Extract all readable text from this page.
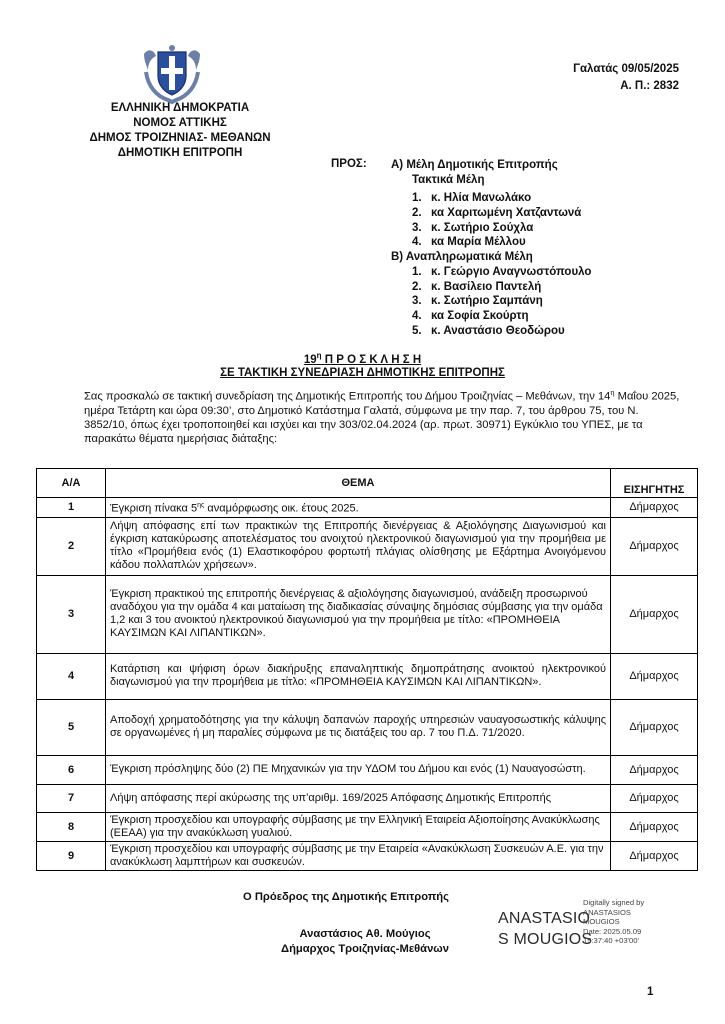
Γαλατάς 09/05/2025
Α. Π.: 2832
ΕΛΛΗΝΙΚΗ ΔΗΜΟΚΡΑΤΙΑ
ΝΟΜΟΣ ΑΤΤΙΚΗΣ
ΔΗΜΟΣ ΤΡΟΙΖΗΝΙΑΣ- ΜΕΘΑΝΩΝ
ΔΗΜΟΤΙΚΗ ΕΠΙΤΡΟΠΗ
ΠΡΟΣ: Α) Μέλη Δημοτικής Επιτροπής
Τακτικά Μέλη
1. κ. Ηλία Μανωλάκο
2. κα Χαριτωμένη Χατζαντωνά
3. κ. Σωτήριο Σούχλα
4. κα Μαρία Μέλλου
Β) Αναπληρωματικά Μέλη
1. κ. Γεώργιο Αναγνωστόπουλο
2. κ. Βασίλειο Παντελή
3. κ. Σωτήριο Σαμπάνη
4. κα Σοφία Σκούρτη
5. κ. Αναστάσιο Θεοδώρου
$19^\eta$ Π Ρ Ο Σ Κ Λ Η Σ Η
ΣΕ ΤΑΚΤΙΚΗ ΣΥΝΕΔΡΙΑΣΗ ΔΗΜΟΤΙΚΗΣ ΕΠΙΤΡΟΠΗΣ
Σας προσκαλώ σε τακτική συνεδρίαση της Δημοτικής Επιτροπής του Δήμου Τροιζηνίας – Μεθάνων, την $14^\eta$ Μαΐου 2025, ημέρα Τετάρτη και ώρα 09:30’, στο Δημοτικό Κατάστημα Γαλατά, σύμφωνα με την παρ. 7, του άρθρου 75, του Ν. 3852/10, όπως έχει τροποποιηθεί και ισχύει και την 303/02.04.2024 (αρ. πρωτ. 30971) Εγκύκλιο του ΥΠΕΣ, με τα παρακάτω θέματα ημερήσιας διάταξης:
Α/Α	ΘΕΜΑ	ΕΙΣΗΓΗΤΗΣ
1	Έγκριση πίνακα $5^{\eta\varsigma}$ αναμόρφωσης οικ. έτους 2025.	Δήμαρχος
2	Λήψη απόφασης επί των πρακτικών της Επιτροπής διενέργειας & Αξιολόγησης Διαγωνισμού και έγκριση κατακύρωσης αποτελέσματος του ανοιχτού ηλεκτρονικού διαγωνισμού για την προμήθεια με τίτλο «Προμήθεια ενός (1) Ελαστικοφόρου φορτωτή πλάγιας ολίσθησης με Εξάρτημα Ανοιγόμενου κάδου πολλαπλών χρήσεων».	Δήμαρχος
3	Έγκριση πρακτικού της επιτροπής διενέργειας & αξιολόγησης διαγωνισμού, ανάδειξη προσωρινού αναδόχου για την ομάδα 4 και ματαίωση της διαδικασίας σύναψης δημόσιας σύμβασης για την ομάδα 1,2 και 3 του ανοικτού ηλεκτρονικού διαγωνισμού για την προμήθεια με τίτλο: «ΠΡΟΜΗΘΕΙΑ ΚΑΥΣΙΜΩΝ ΚΑΙ ΛΙΠΑΝΤΙΚΩΝ».	Δήμαρχος
4	Κατάρτιση και ψήφιση όρων διακήρυξης επαναληπτικής δημοπράτησης ανοικτού ηλεκτρονικού διαγωνισμού για την προμήθεια με τίτλο: «ΠΡΟΜΗΘΕΙΑ ΚΑΥΣΙΜΩΝ ΚΑΙ ΛΙΠΑΝΤΙΚΩΝ».	Δήμαρχος
5	Αποδοχή χρηματοδότησης για την κάλυψη δαπανών παροχής υπηρεσιών ναυαγοσωστικής κάλυψης σε οργανωμένες ή μη παραλίες σύμφωνα με τις διατάξεις του αρ. 7 του Π.Δ. 71/2020.	Δήμαρχος
6	Έγκριση πρόσληψης δύο (2) ΠΕ Μηχανικών για την ΥΔΟΜ του Δήμου και ενός (1) Ναυαγοσώστη.	Δήμαρχος
7	Λήψη απόφασης περί ακύρωσης της υπ’αριθμ. 169/2025 Απόφασης Δημοτικής Επιτροπής	Δήμαρχος
8	Έγκριση προσχεδίου και υπογραφής σύμβασης με την Ελληνική Εταιρεία Αξιοποίησης Ανακύκλωσης (ΕΕΑΑ) για την ανακύκλωση γυαλιού.	Δήμαρχος
9	Έγκριση προσχεδίου και υπογραφής σύμβασης με την Εταιρεία «Ανακύκλωση Συσκευών Α.Ε. για την ανακύκλωση λαμπτήρων και συσκευών.	Δήμαρχος
Ο Πρόεδρος της Δημοτικής Επιτροπής
Αναστάσιος Αθ. Μούγιος
Δήμαρχος Τροιζηνίας-Μεθάνων
ANASTASIO
S MOUGIOS
Digitally signed by
ANASTASIOS
MOUGIOS
Date: 2025.05.09
15:37:40 +03'00'
1
